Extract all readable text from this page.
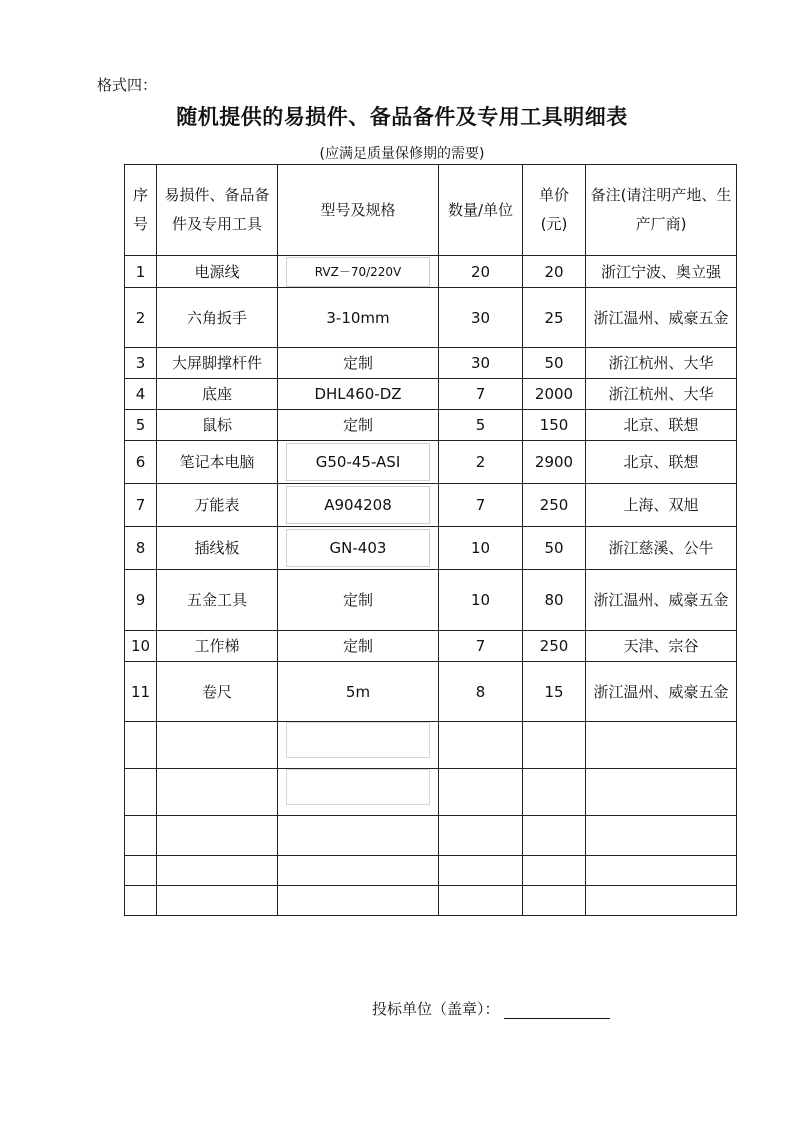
格式四：
随机提供的易损件、备品备件及专用工具明细表
(应满足质量保修期的需要)
序号	易损件、备品备件及专用工具	型号及规格	数量/单位	单价(元)	备注(请注明产地、生产厂商)
1	电源线	RVZ－70/220V	20	20	浙江宁波、奥立强
2	六角扳手	3-10mm	30	25	浙江温州、威豪五金
3	大屏脚撑杆件	定制	30	50	浙江杭州、大华
4	底座	DHL460-DZ	7	2000	浙江杭州、大华
5	鼠标	定制	5	150	北京、联想
6	笔记本电脑	G50-45-ASI	2	2900	北京、联想
7	万能表	A904208	7	250	上海、双旭
8	插线板	GN-403	10	50	浙江慈溪、公牛
9	五金工具	定制	10	80	浙江温州、威豪五金
10	工作梯	定制	7	250	天津、宗谷
11	卷尺	5m	8	15	浙江温州、威豪五金

投标单位（盖章）：
